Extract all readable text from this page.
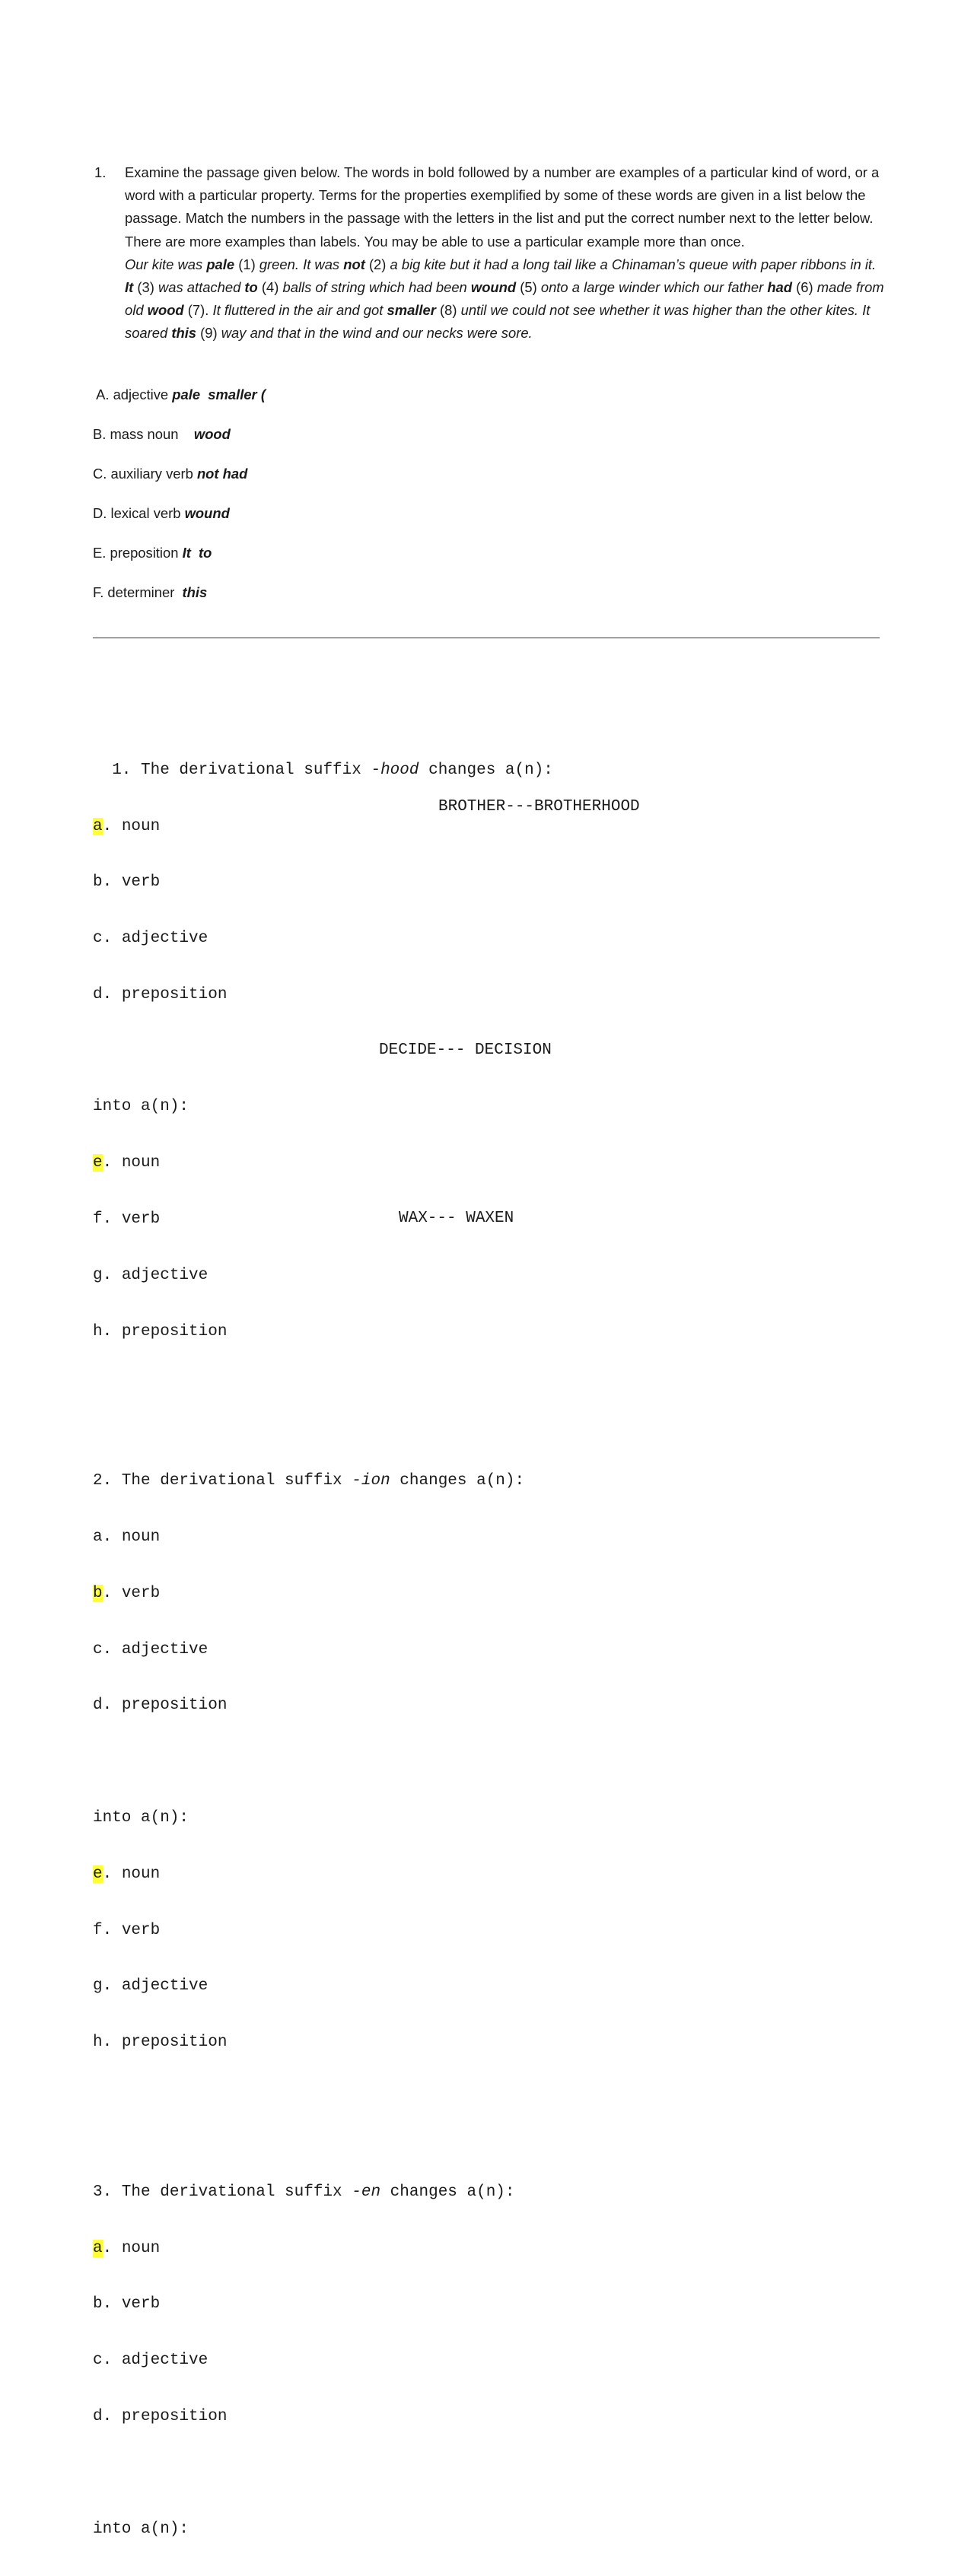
1. Examine the passage given below. The words in bold followed by a number are examples of a particular kind of word, or a word with a particular property. Terms for the properties exemplified by some of these words are given in a list below the passage. Match the numbers in the passage with the letters in the list and put the correct number next to the letter below. There are more examples than labels. You may be able to use a particular example more than once.
Our kite was pale (1) green. It was not (2) a big kite but it had a long tail like a Chinaman’s queue with paper ribbons in it. It (3) was attached to (4) balls of string which had been wound (5) onto a large winder which our father had (6) made from old wood (7). It fluttered in the air and got smaller (8) until we could not see whether it was higher than the other kites. It soared this (9) way and that in the wind and our necks were sore.
A. adjective pale  smaller (
B. mass noun    wood
C. auxiliary verb not had
D. lexical verb wound
E. preposition It  to
F. determiner  this

1. The derivational suffix -hood changes a(n):

a. noun

b. verb

c. adjective

d. preposition

into a(n):

e. noun

f. verb

g. adjective

h. preposition

2. The derivational suffix -ion changes a(n):

a. noun

b. verb

c. adjective

d. preposition

into a(n):

e. noun

f. verb

g. adjective

h. preposition

3. The derivational suffix -en changes a(n):

a. noun

b. verb

c. adjective

d. preposition

into a(n):

BROTHER---BROTHERHOOD
DECIDE--- DECISION
WAX--- WAXEN
